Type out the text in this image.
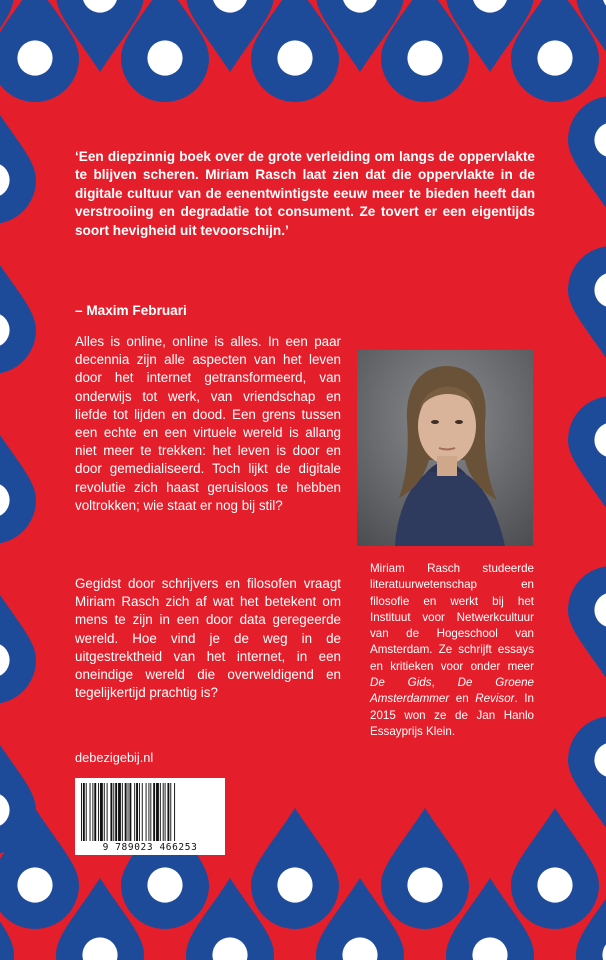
‘Een diepzinnig boek over de grote verleiding om langs de oppervlakte te blijven scheren. Miriam Rasch laat zien dat die oppervlakte in de digitale cultuur van de eenentwintigste eeuw meer te bieden heeft dan verstrooiing en degradatie tot consument. Ze tovert er een eigentijds soort hevigheid uit tevoorschijn.’

– Maxim Februari

Alles is online, online is alles. In een paar decennia zijn alle aspecten van het leven door het internet getransformeerd, van onderwijs tot werk, van vriendschap en liefde tot lijden en dood. Een grens tussen een echte en een virtuele wereld is allang niet meer te trekken: het leven is door en door gemedialiseerd. Toch lijkt de digitale revolutie zich haast geruisloos te hebben voltrokken; wie staat er nog bij stil?

Gegidst door schrijvers en filosofen vraagt Miriam Rasch zich af wat het betekent om mens te zijn in een door data geregeerde wereld. Hoe vind je de weg in de uitgestrektheid van het internet, in een oneindige wereld die overweldigend en tegelijkertijd prachtig is?

Miriam Rasch studeerde literatuurwetenschap en filosofie en werkt bij het Instituut voor Netwerkcultuur van de Hogeschool van Amsterdam. Ze schrijft essays en kritieken voor onder meer De Gids, De Groene Amsterdammer en Revisor. In 2015 won ze de Jan Hanlo Essayprijs Klein.

debezigebij.nl

9 789023 466253
